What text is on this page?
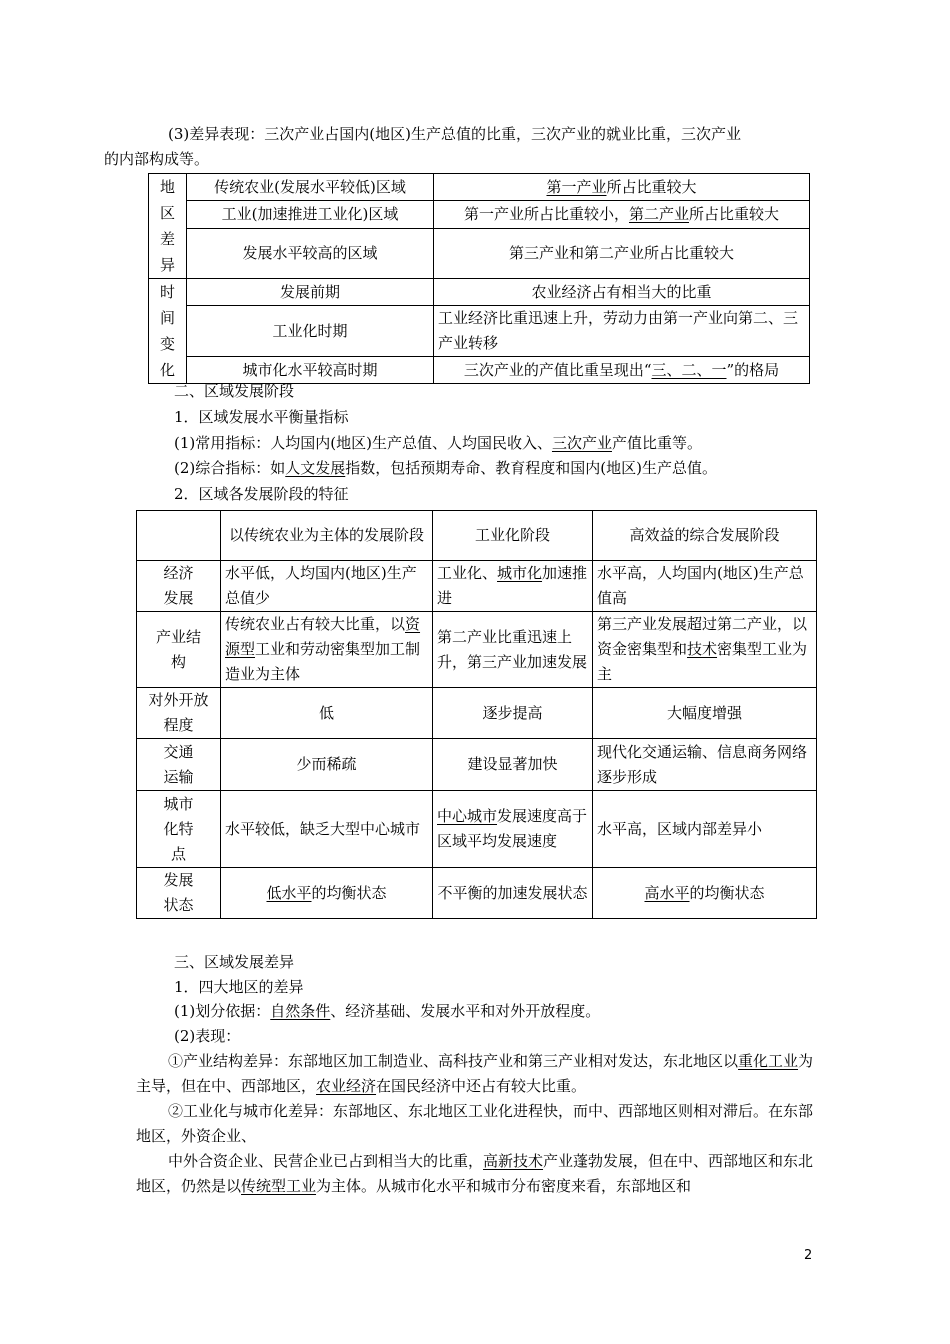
(3)差异表现：三次产业占国内(地区)生产总值的比重，三次产业的就业比重，三次产业
的内部构成等。

地区差异	传统农业(发展水平较低)区域	第一产业所占比重较大
	工业(加速推进工业化)区域	第一产业所占比重较小，第二产业所占比重较大
	发展水平较高的区域	第三产业和第二产业所占比重较大
时间变化	发展前期	农业经济占有相当大的比重
	工业化时期	工业经济比重迅速上升，劳动力由第一产业向第二、三产业转移
	城市化水平较高时期	三次产业的产值比重呈现出“三、二、一”的格局

二、区域发展阶段

1．区域发展水平衡量指标

(1)常用指标：人均国内(地区)生产总值、人均国民收入、三次产业产值比重等。

(2)综合指标：如人文发展指数，包括预期寿命、教育程度和国内(地区)生产总值。

2．区域各发展阶段的特征

	以传统农业为主体的发展阶段	工业化阶段	高效益的综合发展阶段
经济发展	水平低，人均国内(地区)生产总值少	工业化、城市化加速推进	水平高，人均国内(地区)生产总值高
产业结构	传统农业占有较大比重，以资源型工业和劳动密集型加工制造业为主体	第二产业比重迅速上升，第三产业加速发展	第三产业发展超过第二产业，以资金密集型和技术密集型工业为主
对外开放程度	低	逐步提高	大幅度增强
交通运输	少而稀疏	建设显著加快	现代化交通运输、信息商务网络逐步形成
城市化特点	水平较低，缺乏大型中心城市	中心城市发展速度高于区域平均发展速度	水平高，区域内部差异小
发展状态	低水平的均衡状态	不平衡的加速发展状态	高水平的均衡状态

三、区域发展差异

1．四大地区的差异

(1)划分依据：自然条件、经济基础、发展水平和对外开放程度。

(2)表现：

①产业结构差异：东部地区加工制造业、高科技产业和第三产业相对发达，东北地区以重化工业为主导，但在中、西部地区，农业经济在国民经济中还占有较大比重。

②工业化与城市化差异：东部地区、东北地区工业化进程快，而中、西部地区则相对滞后。在东部地区，外资企业、

中外合资企业、民营企业已占到相当大的比重，高新技术产业蓬勃发展，但在中、西部地区和东北地区，仍然是以传统型工业为主体。从城市化水平和城市分布密度来看，东部地区和

2
